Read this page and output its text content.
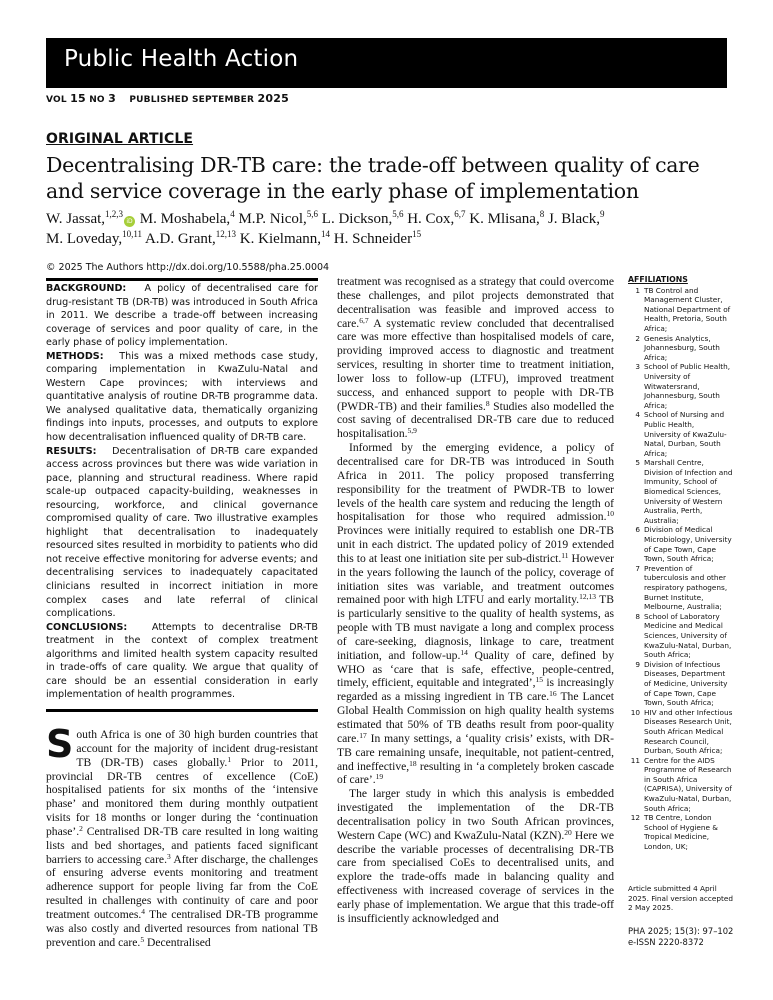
Public Health Action
VOL 15 NO 3 PUBLISHED SEPTEMBER 2025
ORIGINAL ARTICLE
Decentralising DR-TB care: the trade-off between quality of care and service coverage in the early phase of implementation
W. Jassat,$^{1,2,3}$iD M. Moshabela,$^4$ M.P. Nicol,$^{5,6}$ L. Dickson,$^{5,6}$ H. Cox,$^{6,7}$ K. Mlisana,$^8$ J. Black,$^9$
M. Loveday,$^{10,11}$ A.D. Grant,$^{12,13}$ K. Kielmann,$^{14}$ H. Schneider$^{15}$
© 2025 The Authors http://dx.doi.org/10.5588/pha.25.0004

BACKGROUND: A policy of decentralised care for drug-resistant TB (DR-TB) was introduced in South Africa in 2011. We describe a trade-off between increasing coverage of services and poor quality of care, in the early phase of policy implementation.

METHODS: This was a mixed methods case study, comparing implementation in KwaZulu-Natal and Western Cape provinces; with interviews and quantitative analysis of routine DR-TB programme data. We analysed qualitative data, thematically organizing findings into inputs, processes, and outputs to explore how decentralisation influenced quality of DR-TB care.

RESULTS: Decentralisation of DR-TB care expanded access across provinces but there was wide variation in pace, planning and structural readiness. Where rapid scale-up outpaced capacity-building, weaknesses in resourcing, workforce, and clinical governance compromised quality of care. Two illustrative examples highlight that decentralisation to inadequately resourced sites resulted in morbidity to patients who did not receive effective monitoring for adverse events; and decentralising services to inadequately capacitated clinicians resulted in incorrect initiation in more complex cases and late referral of clinical complications.

CONCLUSIONS:	Attempts to decentralise DR-TB treatment in the context of complex treatment algorithms and limited health system capacity resulted in trade-offs of care quality. We argue that quality of care should be an essential consideration in early implementation of health programmes.

S outh Africa is one of 30 high burden countries that account for the majority of incident drug-resistant TB (DR-TB) cases globally.$^1$ Prior to 2011, provincial DR-TB centres of excellence (CoE) hospitalised patients for six months of the ‘intensive phase’ and monitored them during monthly outpatient visits for 18 months or longer during the ‘continuation phase’.$^2$ Centralised DR-TB care resulted in long waiting lists and bed shortages, and patients faced significant barriers to accessing care.$^3$ After discharge, the challenges of ensuring adverse events monitoring and treatment adherence support for people living far from the CoE resulted in challenges with continuity of care and poor treatment outcomes.$^4$ The centralised DR-TB programme was also costly and diverted resources from national TB prevention and care.$^5$ Decentralised

treatment was recognised as a strategy that could overcome these challenges, and pilot projects demonstrated that decentralisation was feasible and improved access to care.$^{6,7}$ A systematic review concluded that decentralised care was more effective than hospitalised models of care, providing improved access to diagnostic and treatment services, resulting in shorter time to treatment initiation, lower loss to follow-up (LTFU), improved treatment success, and enhanced support to people with DR-TB (PWDR-TB) and their families.$^8$ Studies also modelled the cost saving of decentralised DR-TB care due to reduced hospitalisation.$^{5,9}$

Informed by the emerging evidence, a policy of decentralised care for DR-TB was introduced in South Africa in 2011. The policy proposed transferring responsibility for the treatment of PWDR-TB to lower levels of the health care system and reducing the length of hospitalisation for those who required admission.$^{10}$ Provinces were initially required to establish one DR-TB unit in each district. The updated policy of 2019 extended this to at least one initiation site per sub-district.$^{11}$ However in the years following the launch of the policy, coverage of initiation sites was variable, and treatment outcomes remained poor with high LTFU and early mortality.$^{12,13}$ TB is particularly sensitive to the quality of health systems, as people with TB must navigate a long and complex process of care-seeking, diagnosis, linkage to care, treatment initiation, and follow-up.$^{14}$ Quality of care, defined by WHO as ‘care that is safe, effective, people-centred, timely, efficient, equitable and integrated’,$^{15}$ is increasingly regarded as a missing ingredient in TB care.$^{16}$ The Lancet Global Health Commission on high quality health systems estimated that 50% of TB deaths result from poor-quality care.$^{17}$ In many settings, a ‘quality crisis’ exists, with DR-TB care remaining unsafe, inequitable, not patient-centred, and ineffective,$^{18}$ resulting in ‘a completely broken cascade of care’.$^{19}$

The larger study in which this analysis is embedded investigated the implementation of the DR-TB decentralisation policy in two South African provinces, Western Cape (WC) and KwaZulu-Natal (KZN).$^{20}$ Here we describe the variable processes of decentralising DR-TB care from specialised CoEs to decentralised units, and explore the trade-offs made in balancing quality and effectiveness with increased coverage of services in the early phase of implementation. We argue that this trade-off is insufficiently acknowledged and

AFFILIATIONS
1 TB Control and Management Cluster, National Department of Health, Pretoria, South Africa;
2 Genesis Analytics, Johannesburg, South Africa;
3 School of Public Health, University of Witwatersrand, Johannesburg, South Africa;
4 School of Nursing and Public Health, University of KwaZulu-Natal, Durban, South Africa;
5 Marshall Centre, Division of Infection and Immunity, School of Biomedical Sciences, University of Western Australia, Perth, Australia;
6 Division of Medical Microbiology, University of Cape Town, Cape Town, South Africa;
7 Prevention of tuberculosis and other respiratory pathogens, Burnet Institute, Melbourne, Australia;
8 School of Laboratory Medicine and Medical Sciences, University of KwaZulu-Natal, Durban, South Africa;
9 Division of Infectious Diseases, Department of Medicine, University of Cape Town, Cape Town, South Africa;
10 HIV and other Infectious Diseases Research Unit, South African Medical Research Council, Durban, South Africa;
11 Centre for the AIDS Programme of Research in South Africa (CAPRISA), University of KwaZulu-Natal, Durban, South Africa;
12 TB Centre, London School of Hygiene & Tropical Medicine, London, UK;
Article submitted 4 April 2025. Final version accepted 2 May 2025.
PHA 2025; 15(3): 97–102
e-ISSN 2220-8372
